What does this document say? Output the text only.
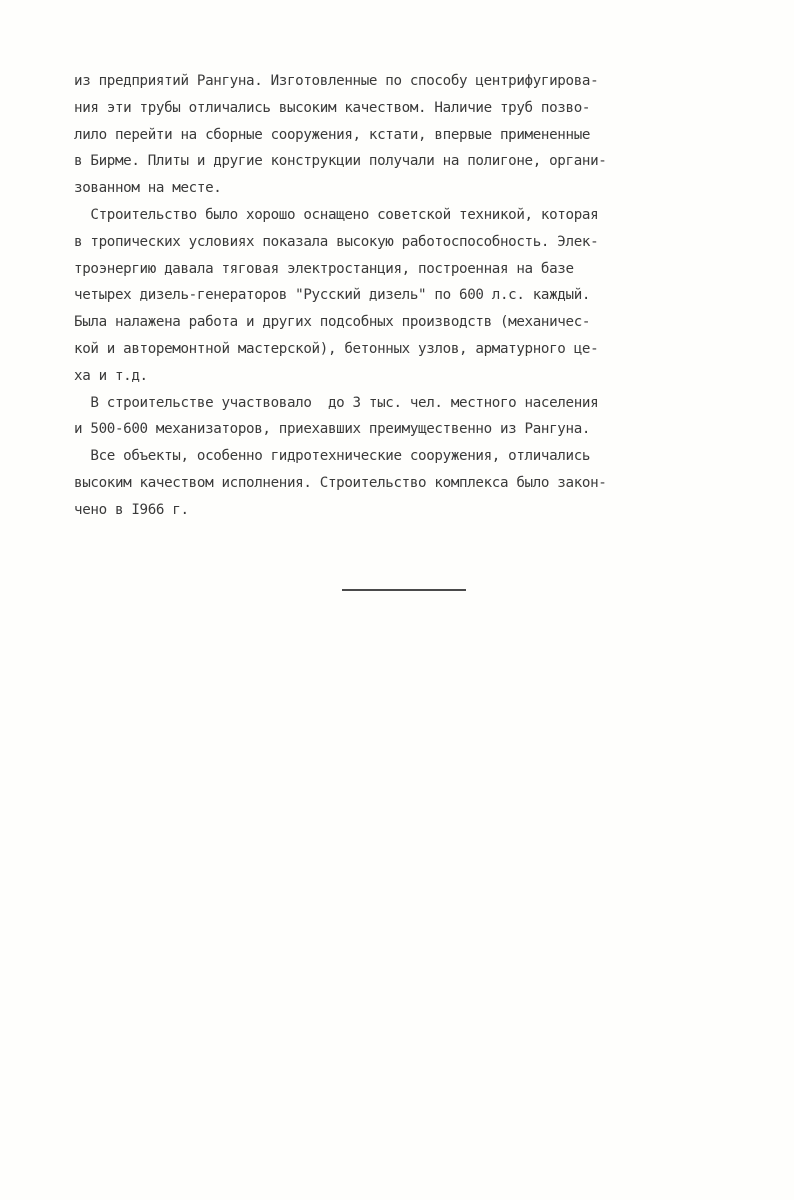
из предприятий Рангуна. Изготовленные по способу центрифугирова-
ния эти трубы отличались высоким качеством. Наличие труб позво-
лило перейти на сборные сооружения, кстати, впервые примененные
в Бирме. Плиты и другие конструкции получали на полигоне, органи-
зованном на месте.
Строительство было хорошо оснащено советской техникой, которая
в тропических условиях показала высокую работоспособность. Элек-
троэнергию давала тяговая электростанция, построенная на базе
четырех дизель-генераторов "Русский дизель" по 600 л.с. каждый.
Была налажена работа и других подсобных производств (механичес-
кой и авторемонтной мастерской), бетонных узлов, арматурного це-
ха и т.д.
В строительстве участвовало  до 3 тыс. чел. местного населения
и 500-600 механизаторов, приехавших преимущественно из Рангуна.
Все объекты, особенно гидротехнические сооружения, отличались
высоким качеством исполнения. Строительство комплекса было закон-
чено в I966 г.
